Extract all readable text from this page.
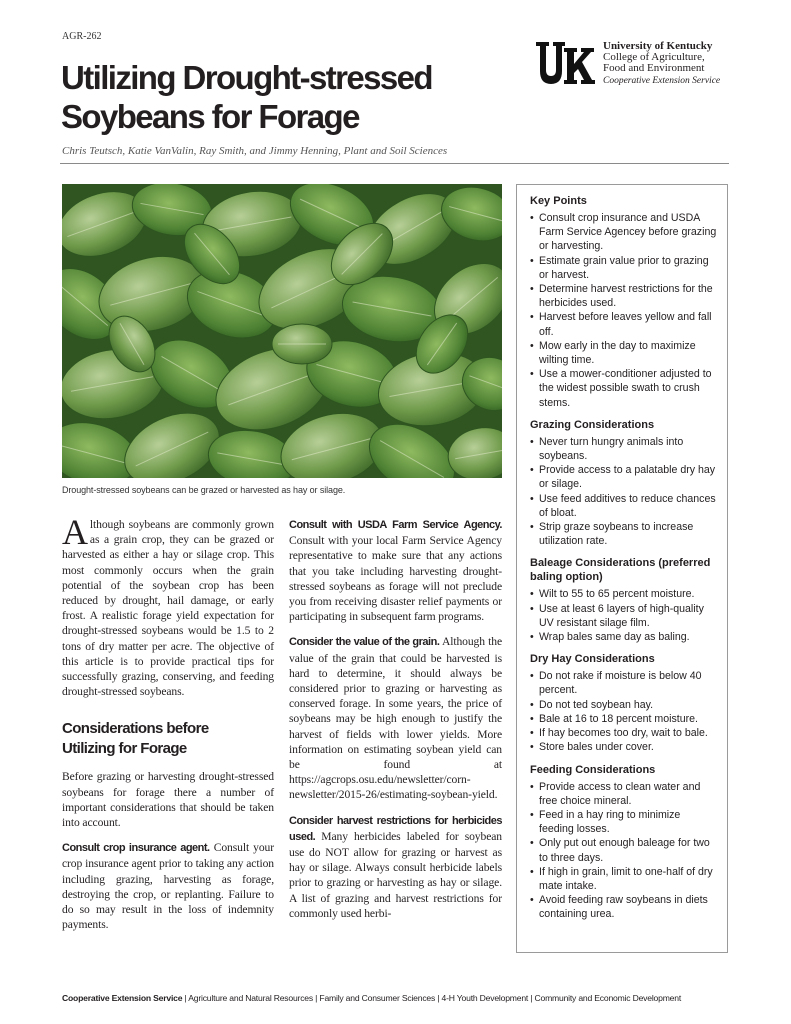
AGR-262
Utilizing Drought-stressed
Soybeans for Forage
Chris Teutsch, Katie VanValin, Ray Smith, and Jimmy Henning, Plant and Soil Sciences
University of Kentucky
College of Agriculture,
Food and Environment
Cooperative Extension Service
Drought-stressed soybeans can be grazed or harvested as hay or silage.

Although soybeans are commonly grown as a grain crop, they can be grazed or harvested as either a hay or silage crop. This most commonly occurs when the grain potential of the soybean crop has been reduced by drought, hail damage, or early frost. A realistic forage yield expectation for drought-stressed soybeans would be 1.5 to 2 tons of dry matter per acre. The objective of this article is to provide practical tips for successfully grazing, conserving, and feeding drought-stressed soybeans.

Considerations before
Utilizing for Forage

Before grazing or harvesting drought-stressed soybeans for forage there a number of important considerations that should be taken into account.

Consult crop insurance agent. Consult your crop insurance agent prior to taking any action including grazing, harvesting as forage, destroying the crop, or replanting. Failure to do so may result in the loss of indemnity payments.

Consult with USDA Farm Service Agency. Consult with your local Farm Service Agency representative to make sure that any actions that you take including harvesting drought-stressed soybeans as forage will not preclude you from receiving disaster relief payments or participating in subsequent farm programs.

Consider the value of the grain. Although the value of the grain that could be harvested is hard to determine, it should always be considered prior to grazing or harvesting as conserved forage. In some years, the price of soybeans may be high enough to justify the harvest of fields with lower yields. More information on estimating soybean yield can be found at https://agcrops.osu.edu/newsletter/corn-newsletter/2015-26/estimating-soybean-yield.

Consider harvest restrictions for herbicides used. Many herbicides labeled for soybean use do NOT allow for grazing or harvest as hay or silage. Always consult herbicide labels prior to grazing or harvesting as hay or silage. A list of grazing and harvest restrictions for commonly used herbi-

Key Points
• Consult crop insurance and USDA Farm Service Agencey before grazing or harvesting.
• Estimate grain value prior to grazing or harvest.
• Determine harvest restrictions for the herbicides used.
• Harvest before leaves yellow and fall off.
• Mow early in the day to maximize wilting time.
• Use a mower-conditioner adjusted to the widest possible swath to crush stems.
Grazing Considerations
• Never turn hungry animals into soybeans.
• Provide access to a palatable dry hay or silage.
• Use feed additives to reduce chances of bloat.
• Strip graze soybeans to increase utilization rate.
Baleage Considerations (preferred baling option)
• Wilt to 55 to 65 percent moisture.
• Use at least 6 layers of high-quality UV resistant silage film.
• Wrap bales same day as baling.
Dry Hay Considerations
• Do not rake if moisture is below 40 percent.
• Do not ted soybean hay.
• Bale at 16 to 18 percent moisture.
• If hay becomes too dry, wait to bale.
• Store bales under cover.
Feeding Considerations
• Provide access to clean water and free choice mineral.
• Feed in a hay ring to minimize feeding losses.
• Only put out enough baleage for two to three days.
• If high in grain, limit to one-half of dry mate intake.
• Avoid feeding raw soybeans in diets containing urea.
Cooperative Extension Service | Agriculture and Natural Resources | Family and Consumer Sciences | 4-H Youth Development | Community and Economic Development
